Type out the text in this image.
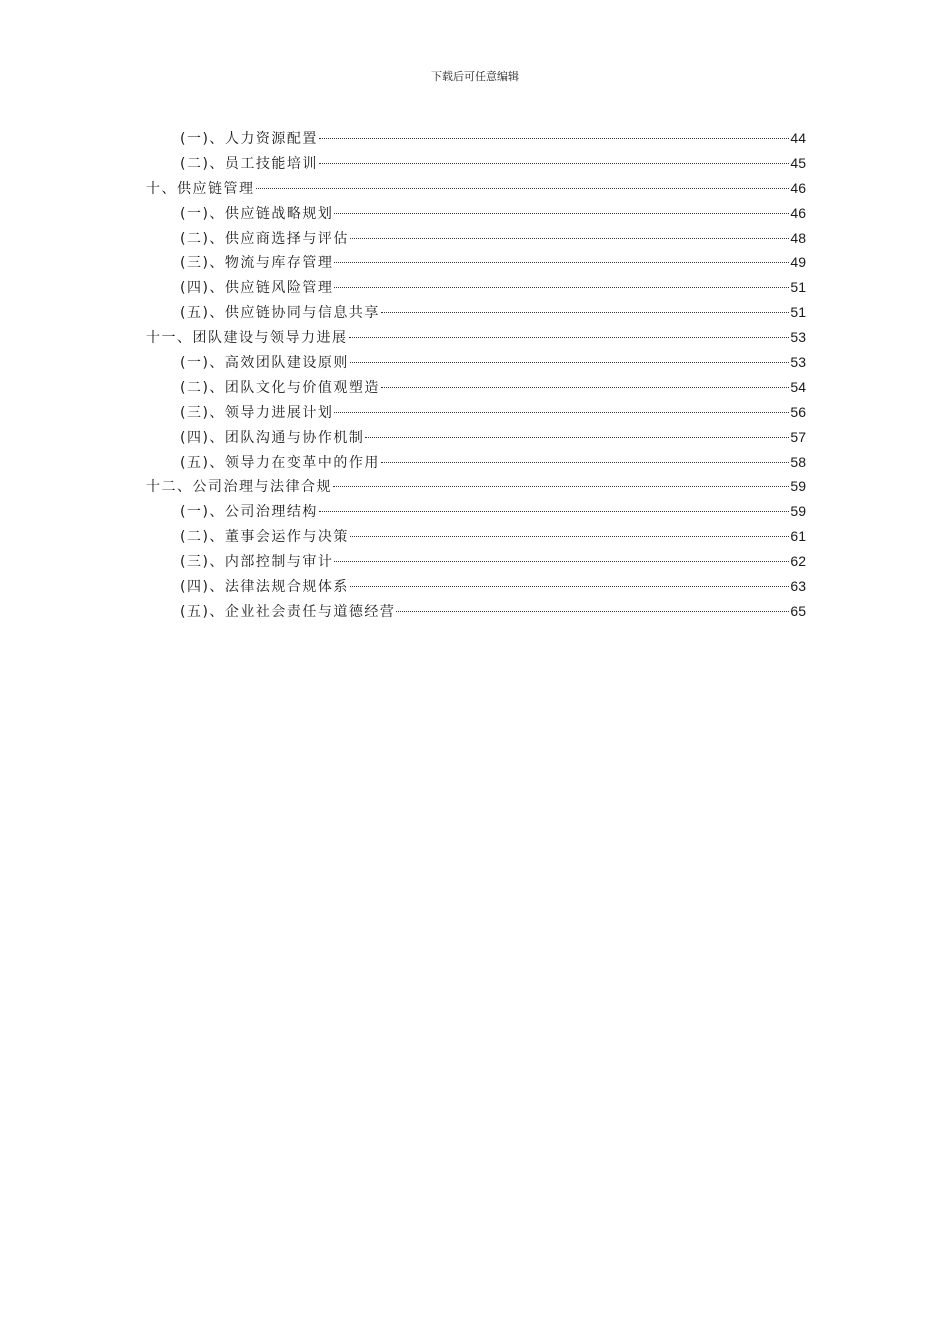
下载后可任意编辑
(一)、人力资源配置	44
(二)、员工技能培训	45
十、供应链管理	46
(一)、供应链战略规划	46
(二)、供应商选择与评估	48
(三)、物流与库存管理	49
(四)、供应链风险管理	51
(五)、供应链协同与信息共享	51
十一、团队建设与领导力进展	53
(一)、高效团队建设原则	53
(二)、团队文化与价值观塑造	54
(三)、领导力进展计划	56
(四)、团队沟通与协作机制	57
(五)、领导力在变革中的作用	58
十二、公司治理与法律合规	59
(一)、公司治理结构	59
(二)、董事会运作与决策	61
(三)、内部控制与审计	62
(四)、法律法规合规体系	63
(五)、企业社会责任与道德经营	65
